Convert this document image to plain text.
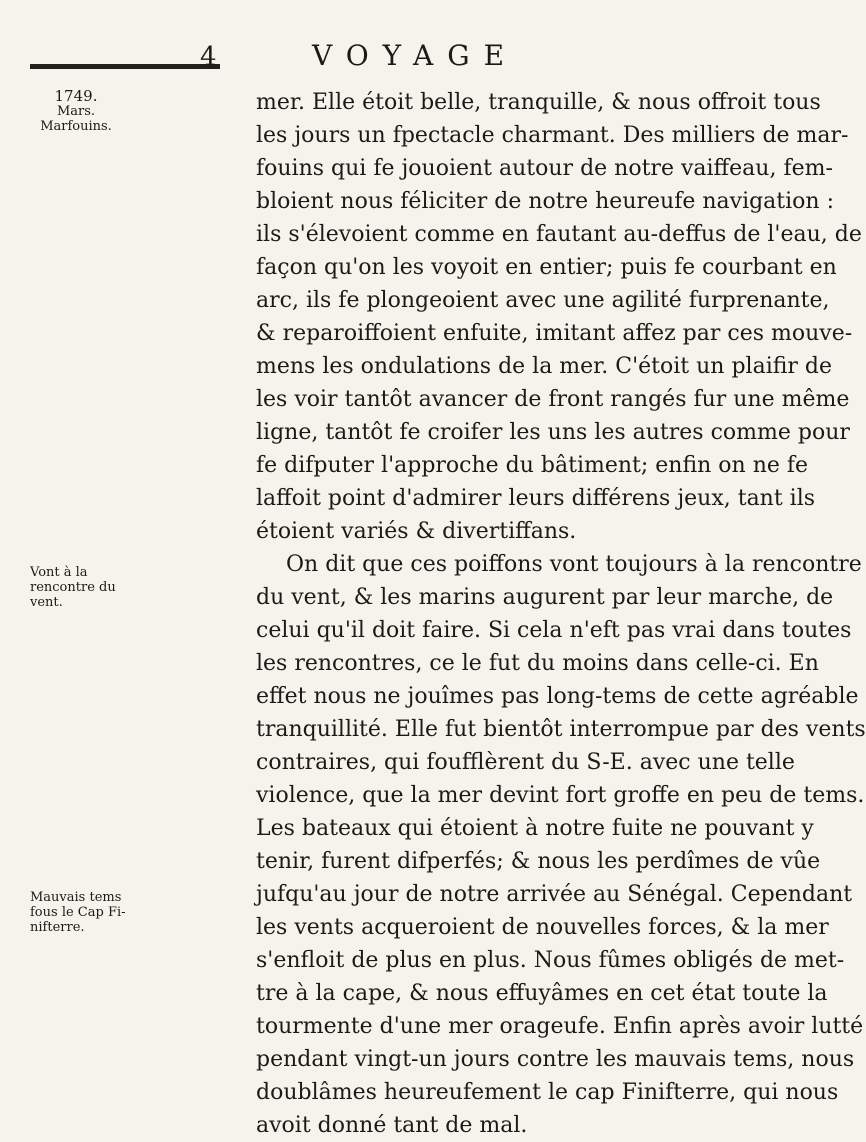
4	VOYAGE
1749.
Mars.
Marfouins.
Vont à la
rencontre du
vent.
Mauvais tems
fous le Cap Fi-
nifterre.
mer. Elle étoit belle, tranquille, & nous offroit tous
les jours un fpectacle charmant. Des milliers de mar-
fouins qui fe jouoient autour de notre vaiffeau, fem-
bloient nous féliciter de notre heureufe navigation :
ils s'élevoient comme en fautant au-deffus de l'eau, de
façon qu'on les voyoit en entier; puis fe courbant en
arc, ils fe plongeoient avec une agilité furprenante,
& reparoiffoient enfuite, imitant affez par ces mouve-
mens les ondulations de la mer. C'étoit un plaifir de
les voir tantôt avancer de front rangés fur une même
ligne, tantôt fe croifer les uns les autres comme pour
fe difputer l'approche du bâtiment; enfin on ne fe
laffoit point d'admirer leurs différens jeux, tant ils
étoient variés & divertiffans.
On dit que ces poiffons vont toujours à la rencontre
du vent, & les marins augurent par leur marche, de
celui qu'il doit faire. Si cela n'eft pas vrai dans toutes
les rencontres, ce le fut du moins dans celle-ci. En
effet nous ne jouîmes pas long-tems de cette agréable
tranquillité. Elle fut bientôt interrompue par des vents
contraires, qui foufflèrent du S-E. avec une telle
violence, que la mer devint fort groffe en peu de tems.
Les bateaux qui étoient à notre fuite ne pouvant y
tenir, furent difperfés; & nous les perdîmes de vûe
jufqu'au jour de notre arrivée au Sénégal. Cependant
les vents acqueroient de nouvelles forces, & la mer
s'enfloit de plus en plus. Nous fûmes obligés de met-
tre à la cape, & nous effuyâmes en cet état toute la
tourmente d'une mer orageufe. Enfin après avoir lutté
pendant vingt-un jours contre les mauvais tems, nous
doublâmes heureufement le cap Finifterre, qui nous
avoit donné tant de mal.
